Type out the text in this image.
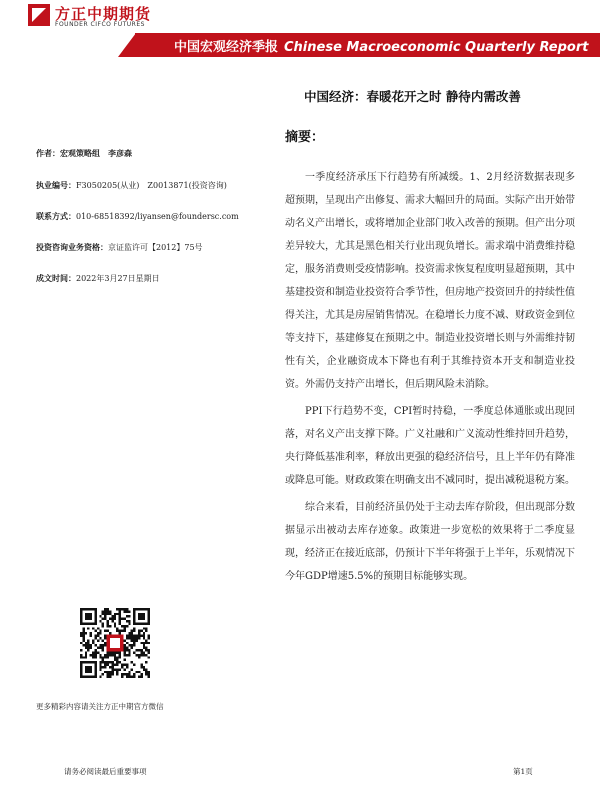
方正中期期货
FOUNDER CIFCO FUTURES
中国宏观经济季报 Chinese Macroeconomic Quarterly Report
中国经济：春暖花开之时 静待内需改善
摘要：
作者：宏观策略组　李彦森
执业编号：F3050205(从业)　Z0013871(投资咨询)
联系方式：010-68518392/liyansen@foundersc.com
投资咨询业务资格：京证监许可【2012】75号
成文时间：2022年3月27日星期日

一季度经济承压下行趋势有所减缓。1、2月经济数据表现多超预期，呈现出产出修复、需求大幅回升的局面。实际产出开始带动名义产出增长，或将增加企业部门收入改善的预期。但产出分项差异较大，尤其是黑色相关行业出现负增长。需求端中消费维持稳定，服务消费则受疫情影响。投资需求恢复程度明显超预期，其中基建投资和制造业投资符合季节性，但房地产投资回升的持续性值得关注，尤其是房屋销售情况。在稳增长力度不减、财政资金到位等支持下，基建修复在预期之中。制造业投资增长则与外需维持韧性有关，企业融资成本下降也有利于其维持资本开支和制造业投资。外需仍支持产出增长，但后期风险未消除。

PPI下行趋势不变，CPI暂时持稳，一季度总体通胀或出现回落，对名义产出支撑下降。广义社融和广义流动性维持回升趋势，央行降低基准利率，释放出更强的稳经济信号，且上半年仍有降准或降息可能。财政政策在明确支出不减同时，提出减税退税方案。

综合来看，目前经济虽仍处于主动去库存阶段，但出现部分数据显示出被动去库存迹象。政策进一步宽松的效果将于二季度显现，经济正在接近底部，仍预计下半年将强于上半年，乐观情况下今年GDP增速5.5%的预期目标能够实现。

更多精彩内容请关注方正中期官方微信
请务必阅读最后重要事项	第1页
